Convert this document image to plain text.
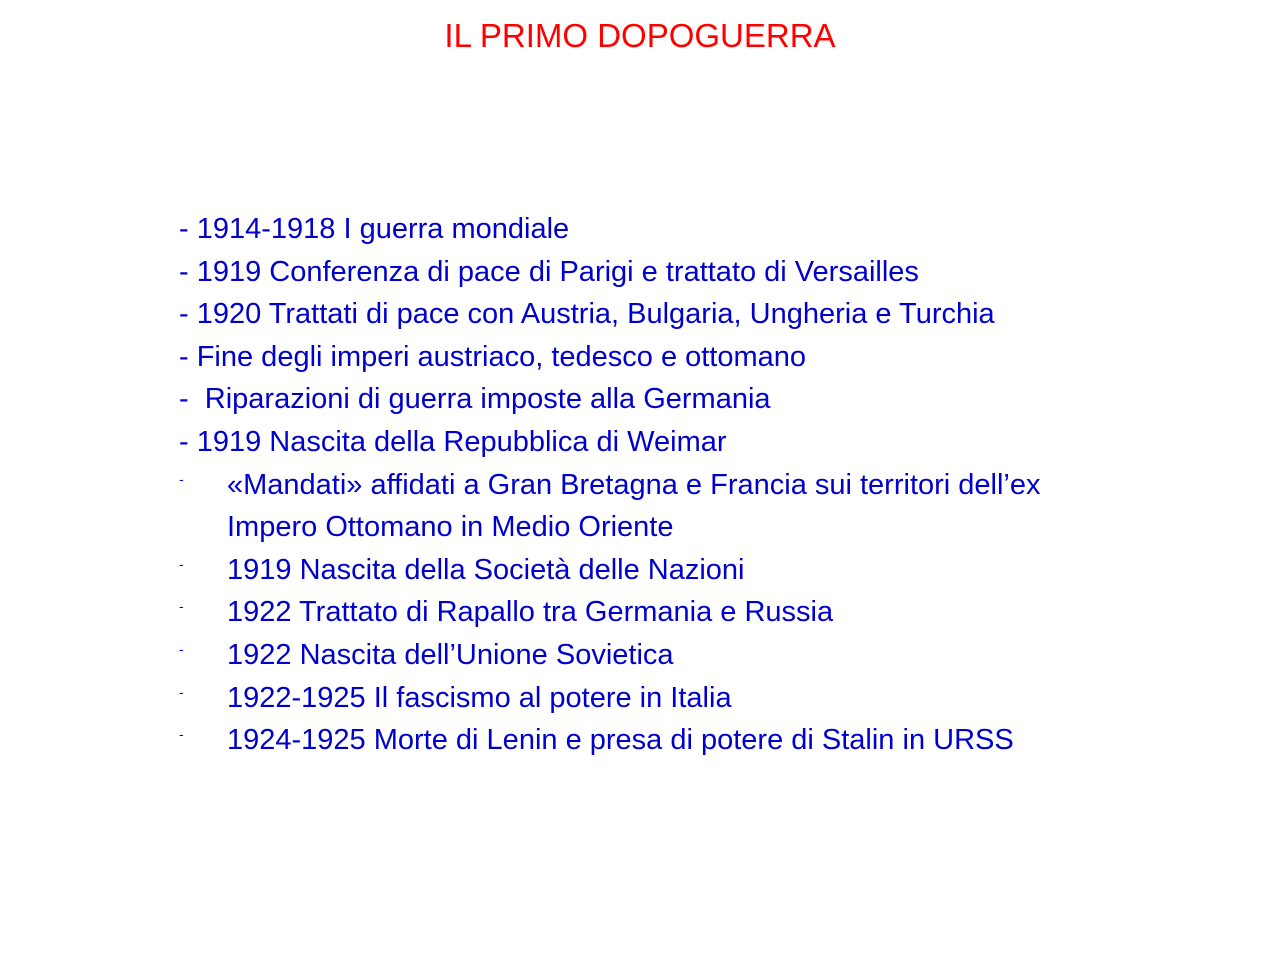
IL PRIMO DOPOGUERRA

- 1914-1918 I guerra mondiale

- 1919 Conferenza di pace di Parigi e trattato di Versailles

- 1920 Trattati di pace con Austria, Bulgaria, Ungheria e Turchia

- Fine degli imperi austriaco, tedesco e ottomano

-  Riparazioni di guerra imposte alla Germania

- 1919 Nascita della Repubblica di Weimar

- «Mandati» affidati a Gran Bretagna e Francia sui territori dell’ex Impero Ottomano in Medio Oriente
- 1919 Nascita della Società delle Nazioni
- 1922 Trattato di Rapallo tra Germania e Russia
- 1922 Nascita dell’Unione Sovietica
- 1922-1925 Il fascismo al potere in Italia
- 1924-1925 Morte di Lenin e presa di potere di Stalin in URSS
